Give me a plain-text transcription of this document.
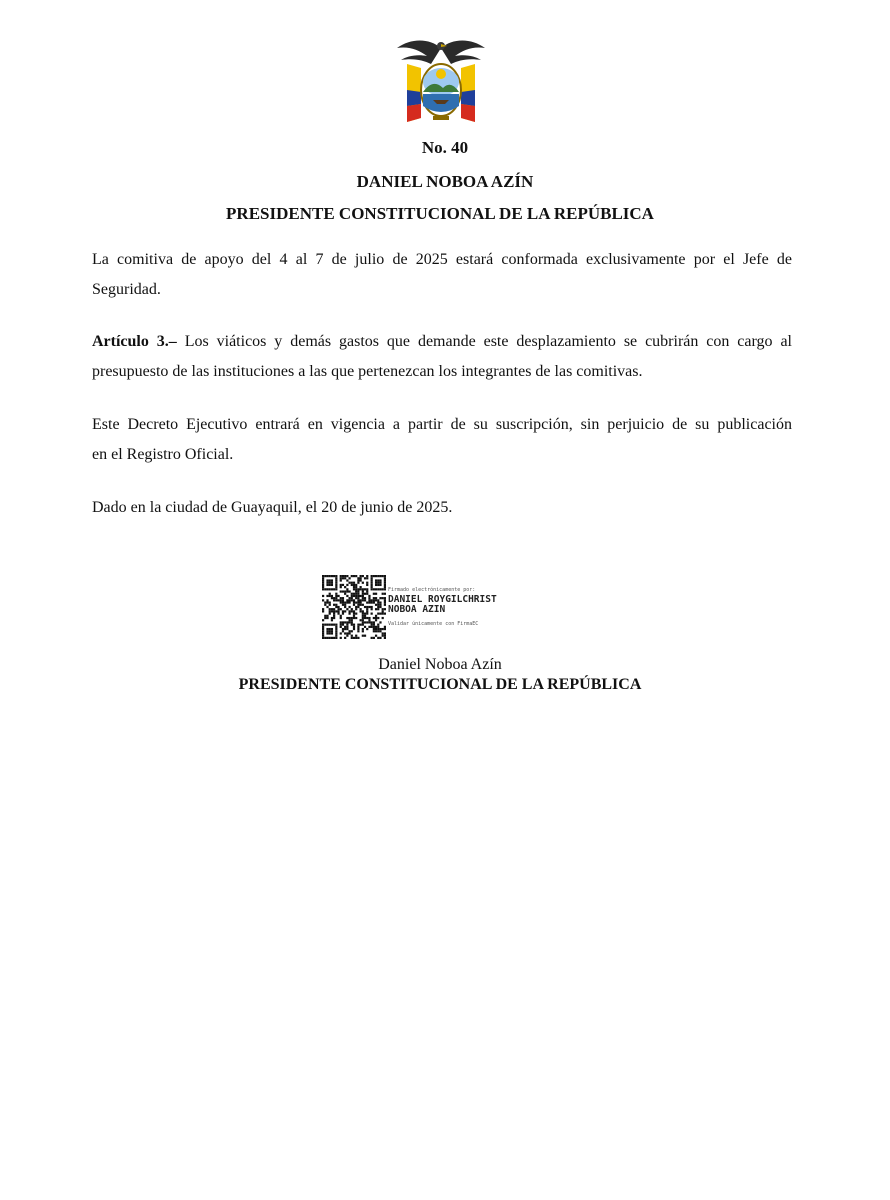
No. 40
DANIEL NOBOA AZÍN
PRESIDENTE CONSTITUCIONAL DE LA REPÚBLICA
La comitiva de apoyo del 4 al 7 de julio de 2025 estará conformada exclusivamente por el Jefe de
Seguridad.
Artículo 3.– Los viáticos y demás gastos que demande este desplazamiento se cubrirán con cargo al
presupuesto de las instituciones a las que pertenezcan los integrantes de las comitivas.
Este Decreto Ejecutivo entrará en vigencia a partir de su suscripción, sin perjuicio de su publicación
en el Registro Oficial.
Dado en la ciudad de Guayaquil, el 20 de junio de 2025.
Firmado electrónicamente por:
DANIEL ROYGILCHRIST
NOBOA AZIN
Validar únicamente con FirmaEC
Daniel Noboa Azín
PRESIDENTE CONSTITUCIONAL DE LA REPÚBLICA
